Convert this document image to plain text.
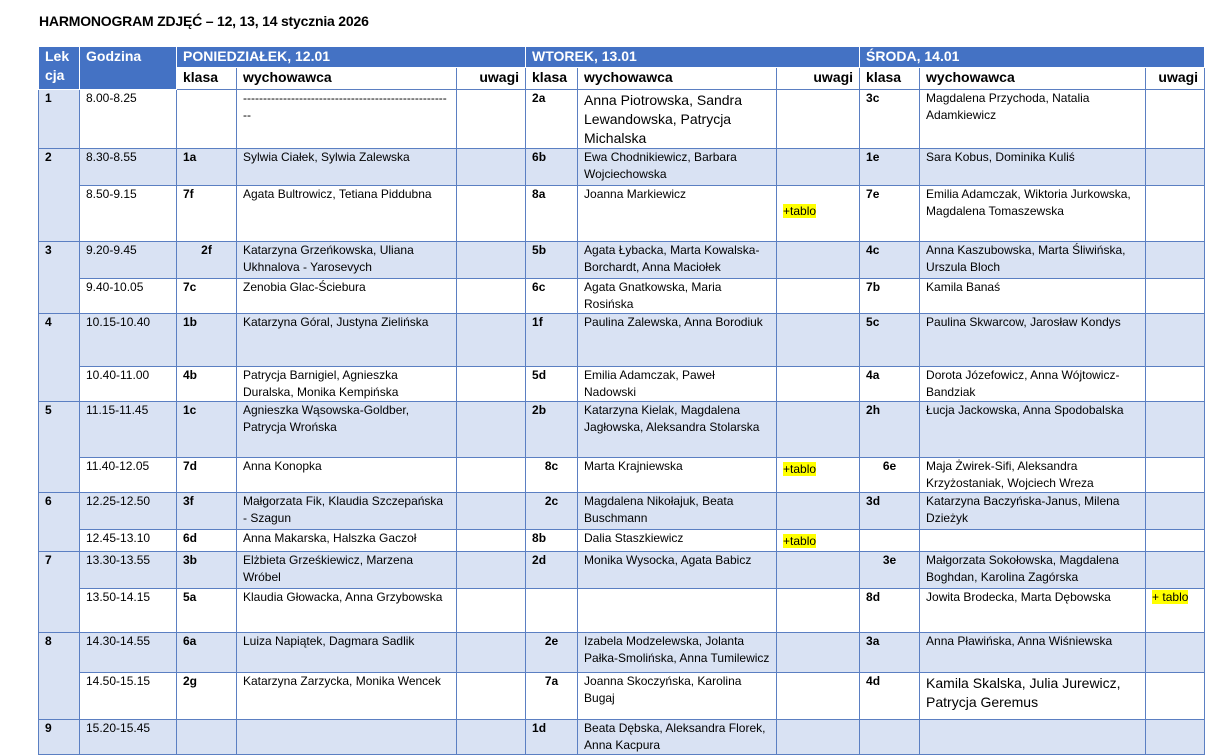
HARMONOGRAM ZDJĘĆ – 12, 13, 14 stycznia 2026
Lek cja	Godzina	PONIEDZIAŁEK, 12.01			WTOREK, 13.01			ŚRODA, 14.01		
		klasa	wychowawca	uwagi	klasa	wychowawca	uwagi	klasa	wychowawca	uwagi
1	8.00-8.25		-----------------------------------------------------		2a	Anna Piotrowska, Sandra Lewandowska, Patrycja Michalska		3c	Magdalena Przychoda, Natalia Adamkiewicz	
2	8.30-8.55	1a	Sylwia Ciałek, Sylwia Zalewska		6b	Ewa Chodnikiewicz, Barbara Wojciechowska		1e	Sara Kobus, Dominika Kuliś	
	8.50-9.15	7f	Agata Bultrowicz, Tetiana Piddubna		8a	Joanna Markiewicz	+tablo	7e	Emilia Adamczak, Wiktoria Jurkowska, Magdalena Tomaszewska	
3	9.20-9.45	2f	Katarzyna Grzeńkowska, Uliana Ukhnalova - Yarosevych		5b	Agata Łybacka, Marta Kowalska-Borchardt, Anna Maciołek		4c	Anna Kaszubowska, Marta Śliwińska, Urszula Bloch	
	9.40-10.05	7c	Zenobia Glac-Ściebura		6c	Agata Gnatkowska, Maria Rosińska		7b	Kamila Banaś	
4	10.15-10.40	1b	Katarzyna Góral, Justyna Zielińska		1f	Paulina Zalewska, Anna Borodiuk		5c	Paulina Skwarcow, Jarosław Kondys	
	10.40-11.00	4b	Patrycja Barnigiel, Agnieszka Duralska, Monika Kempińska		5d	Emilia Adamczak, Paweł Nadowski		4a	Dorota Józefowicz, Anna Wójtowicz-Bandziak	
5	11.15-11.45	1c	Agnieszka Wąsowska-Goldber, Patrycja Wrońska		2b	Katarzyna Kielak, Magdalena Jagłowska, Aleksandra Stolarska		2h	Łucja Jackowska, Anna Spodobalska	
	11.40-12.05	7d	Anna Konopka		8c	Marta Krajniewska	+tablo	6e	Maja Żwirek-Sifi, Aleksandra Krzyżostaniak, Wojciech Wreza	
6	12.25-12.50	3f	Małgorzata Fik, Klaudia Szczepańska - Szagun		2c	Magdalena Nikołajuk, Beata Buschmann		3d	Katarzyna Baczyńska-Janus, Milena Dzieżyk	
	12.45-13.10	6d	Anna Makarska, Halszka Gaczoł		8b	Dalia Staszkiewicz	+tablo			
7	13.30-13.55	3b	Elżbieta Grześkiewicz, Marzena Wróbel		2d	Monika Wysocka, Agata Babicz		3e	Małgorzata Sokołowska, Magdalena Boghdan, Karolina Zagórska	
	13.50-14.15	5a	Klaudia Głowacka, Anna Grzybowska					8d	Jowita Brodecka, Marta Dębowska	+ tablo
8	14.30-14.55	6a	Luiza Napiątek, Dagmara Sadlik		2e	Izabela Modzelewska, Jolanta Pałka-Smolińska, Anna Tumilewicz		3a	Anna Pławińska, Anna Wiśniewska	
	14.50-15.15	2g	Katarzyna Zarzycka, Monika Wencek		7a	Joanna Skoczyńska, Karolina Bugaj		4d	Kamila Skalska, Julia Jurewicz, Patrycja Geremus	
9	15.20-15.45				1d	Beata Dębska, Aleksandra Florek, Anna Kacpura				
